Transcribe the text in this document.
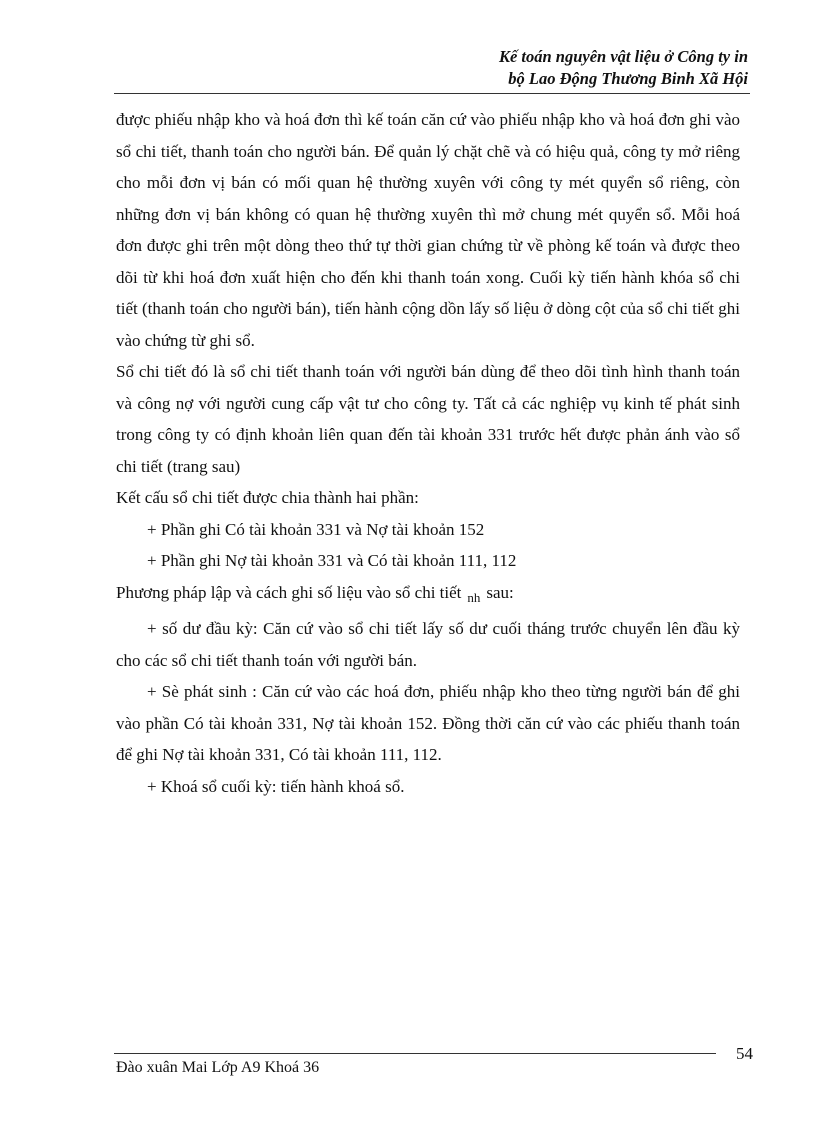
Kế toán nguyên vật liệu ở Công ty in
bộ Lao Động Thương Binh Xã Hội

được phiếu nhập kho và hoá đơn thì kế toán căn cứ vào phiếu nhập kho và hoá đơn ghi vào sổ chi tiết, thanh toán cho người bán. Để quản lý chặt chẽ và có hiệu quả, công ty mở riêng cho mỗi đơn vị bán có mối quan hệ thường xuyên với công ty mét quyển sổ riêng, còn những đơn vị bán không có quan hệ thường xuyên thì mở chung mét quyển sổ. Mỗi hoá đơn được ghi trên một dòng theo thứ tự thời gian chứng từ về phòng kế toán và được theo dõi từ khi hoá đơn xuất hiện cho đến khi thanh toán xong. Cuối kỳ tiến hành khóa sổ chi tiết (thanh toán cho người bán), tiến hành cộng dồn lấy số liệu ở dòng cột của sổ chi tiết ghi vào chứng từ ghi sổ.

Sổ chi tiết đó là sổ chi tiết thanh toán với người bán dùng để theo dõi tình hình thanh toán và công nợ với người cung cấp vật tư cho công ty. Tất cả các nghiệp vụ kinh tế phát sinh trong công ty có định khoản liên quan đến tài khoản 331 trước hết được phản ánh vào sổ chi tiết (trang sau)

Kết cấu sổ chi tiết được chia thành hai phần:

+ Phần ghi Có tài khoản 331 và Nợ tài khoản 152

+ Phần ghi Nợ tài khoản 331 và Có tài khoản 111, 112

Phương pháp lập và cách ghi số liệu vào sổ chi tiết $_{nh}$ sau:

+ số dư đầu kỳ: Căn cứ vào sổ chi tiết lấy số dư cuối tháng trước chuyển lên đầu kỳ cho các sổ chi tiết thanh toán với người bán.

+ Sè phát sinh : Căn cứ vào các hoá đơn, phiếu nhập kho theo từng người bán để ghi vào phần Có tài khoản 331, Nợ tài khoản 152. Đồng thời căn cứ vào các phiếu thanh toán để ghi Nợ tài khoản 331, Có tài khoản 111, 112.

+ Khoá sổ cuối kỳ: tiến hành khoá sổ.

Đào xuân Mai Lớp A9 Khoá 36
54
